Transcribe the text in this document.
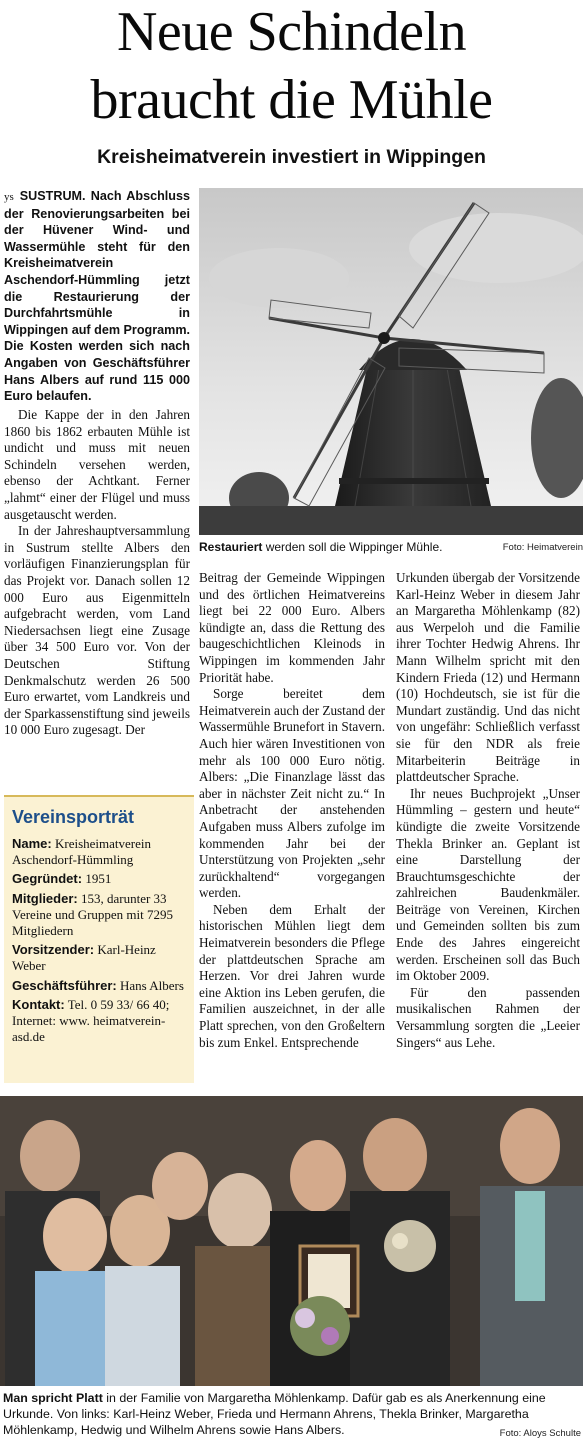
Neue Schindeln
braucht die Mühle
Kreisheimatverein investiert in Wippingen
ys SUSTRUM. Nach Abschluss der Renovierungsarbeiten bei der Hüvener Wind- und Wassermühle steht für den Kreisheimatverein Aschendorf-Hümmling jetzt die Restaurierung der Durchfahrtsmühle in Wippingen auf dem Programm. Die Kosten werden sich nach Angaben von Geschäftsführer Hans Albers auf rund 115 000 Euro belaufen.
Restauriert werden soll die Wippinger Mühle.	Foto: Heimatverein

Die Kappe der in den Jahren 1860 bis 1862 erbauten Mühle ist undicht und muss mit neuen Schindeln versehen werden, ebenso der Achtkant. Ferner „lahmt“ einer der Flügel und muss ausgetauscht werden.

In der Jahreshauptversammlung in Sustrum stellte Albers den vorläufigen Finanzierungsplan für das Projekt vor. Danach sollen 12 000 Euro aus Eigenmitteln aufgebracht werden, vom Land Niedersachsen liegt eine Zusage über 34 500 Euro vor. Von der Deutschen Stiftung Denkmalschutz werden 26 500 Euro erwartet, vom Landkreis und der Sparkassenstiftung sind jeweils 10 000 Euro zugesagt. Der

Beitrag der Gemeinde Wippingen und des örtlichen Heimatvereins liegt bei 22 000 Euro. Albers kündigte an, dass die Rettung des baugeschichtlichen Kleinods in Wippingen im kommenden Jahr Priorität habe.

Sorge bereitet dem Heimatverein auch der Zustand der Wassermühle Brunefort in Stavern. Auch hier wären Investitionen von mehr als 100 000 Euro nötig. Albers: „Die Finanzlage lässt das aber in nächster Zeit nicht zu.“ In Anbetracht der anstehenden Aufgaben muss Albers zufolge im kommenden Jahr bei der Unterstützung von Projekten „sehr zurückhaltend“ vorgegangen werden.

Neben dem Erhalt der historischen Mühlen liegt dem Heimatverein besonders die Pflege der plattdeutschen Sprache am Herzen. Vor drei Jahren wurde eine Aktion ins Leben gerufen, die Familien auszeichnet, in der alle Platt sprechen, von den Großeltern bis zum Enkel. Entsprechende

Urkunden übergab der Vorsitzende Karl-Heinz Weber in diesem Jahr an Margaretha Möhlenkamp (82) aus Werpeloh und die Familie ihrer Tochter Hedwig Ahrens. Ihr Mann Wilhelm spricht mit den Kindern Frieda (12) und Hermann (10) Hochdeutsch, sie ist für die Mundart zuständig. Und das nicht von ungefähr: Schließlich verfasst sie für den NDR als freie Mitarbeiterin Beiträge in plattdeutscher Sprache.

Ihr neues Buchprojekt „Unser Hümmling – gestern und heute“ kündigte die zweite Vorsitzende Thekla Brinker an. Geplant ist eine Darstellung der Brauchtumsgeschichte der zahlreichen Baudenkmäler. Beiträge von Vereinen, Kirchen und Gemeinden sollten bis zum Ende des Jahres eingereicht werden. Erscheinen soll das Buch im Oktober 2009.

Für den passenden musikalischen Rahmen der Versammlung sorgten die „Leeier Singers“ aus Lehe.

Vereinsporträt

Name: Kreisheimatverein Aschendorf-Hümmling

Gegründet: 1951

Mitglieder: 153, darunter 33 Vereine und Gruppen mit 7295 Mitgliedern

Vorsitzender: Karl-Heinz Weber

Geschäftsführer: Hans Albers

Kontakt: Tel. 0 59 33/ 66 40; Internet: www. heimatverein-asd.de

Man spricht Platt in der Familie von Margaretha Möhlenkamp. Dafür gab es als Anerkennung eine Urkunde. Von links: Karl-Heinz Weber, Frieda und Hermann Ahrens, Thekla Brinker, Margaretha Möhlenkamp, Hedwig und Wilhelm Ahrens sowie Hans Albers.	Foto: Aloys Schulte
